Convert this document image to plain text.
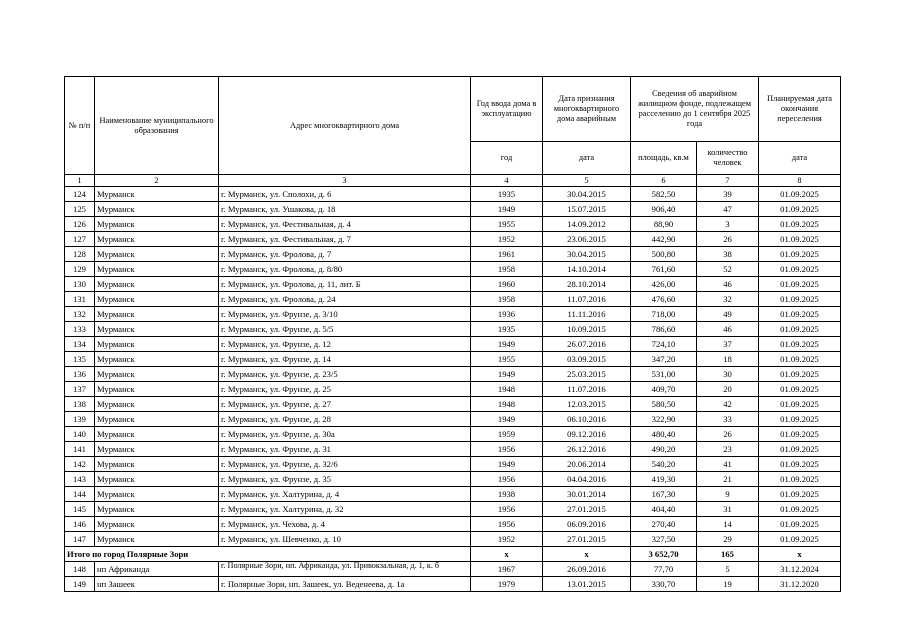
№ п/п	Наименование муниципального образования	Адрес многоквартирного дома	Год ввода дома в эксплуатацию	Дата признания многоквартирного дома аварийным	Сведения об аварийном жилищном фонде, подлежащем расселению до 1 сентября 2025 года		Планируемая дата окончания переселения
			год	дата	площадь, кв.м	количество человек	дата
1	2	3	4	5	6	7	8
124	Мурманск	г. Мурманск, ул. Сполохи, д. 6	1935	30.04.2015	582,50	39	01.09.2025
125	Мурманск	г. Мурманск, ул. Ушакова, д. 18	1949	15.07.2015	906,40	47	01.09.2025
126	Мурманск	г. Мурманск, ул. Фестивальная, д. 4	1955	14.09.2012	88,90	3	01.09.2025
127	Мурманск	г. Мурманск, ул. Фестивальная, д. 7	1952	23.06.2015	442,90	26	01.09.2025
128	Мурманск	г. Мурманск, ул. Фролова, д. 7	1961	30.04.2015	500,80	38	01.09.2025
129	Мурманск	г. Мурманск, ул. Фролова, д. 8/80	1958	14.10.2014	761,60	52	01.09.2025
130	Мурманск	г. Мурманск, ул. Фролова, д. 11, лит. Б	1960	28.10.2014	426,00	46	01.09.2025
131	Мурманск	г. Мурманск, ул. Фролова, д. 24	1958	11.07.2016	476,60	32	01.09.2025
132	Мурманск	г. Мурманск, ул. Фрунзе, д. 3/10	1936	11.11.2016	718,00	49	01.09.2025
133	Мурманск	г. Мурманск, ул. Фрунзе, д. 5/5	1935	10.09.2015	786,60	46	01.09.2025
134	Мурманск	г. Мурманск, ул. Фрунзе, д. 12	1949	26.07.2016	724,10	37	01.09.2025
135	Мурманск	г. Мурманск, ул. Фрунзе, д. 14	1955	03.09.2015	347,20	18	01.09.2025
136	Мурманск	г. Мурманск, ул. Фрунзе, д. 23/5	1949	25.03.2015	531,00	30	01.09.2025
137	Мурманск	г. Мурманск, ул. Фрунзе, д. 25	1948	11.07.2016	409,70	20	01.09.2025
138	Мурманск	г. Мурманск, ул. Фрунзе, д. 27	1948	12.03.2015	580,50	42	01.09.2025
139	Мурманск	г. Мурманск, ул. Фрунзе, д. 28	1949	06.10.2016	322,90	33	01.09.2025
140	Мурманск	г. Мурманск, ул. Фрунзе, д. 30а	1959	09.12.2016	480,40	26	01.09.2025
141	Мурманск	г. Мурманск, ул. Фрунзе, д. 31	1956	26.12.2016	490,20	23	01.09.2025
142	Мурманск	г. Мурманск, ул. Фрунзе, д. 32/6	1949	20.06.2014	540,20	41	01.09.2025
143	Мурманск	г. Мурманск, ул. Фрунзе, д. 35	1956	04.04.2016	419,30	21	01.09.2025
144	Мурманск	г. Мурманск, ул. Халтурина, д. 4	1938	30.01.2014	167,30	9	01.09.2025
145	Мурманск	г. Мурманск, ул. Халтурина, д. 32	1956	27.01.2015	404,40	31	01.09.2025
146	Мурманск	г. Мурманск, ул. Чехова, д. 4	1956	06.09.2016	270,40	14	01.09.2025
147	Мурманск	г. Мурманск, ул. Шевченко, д. 10	1952	27.01.2015	327,50	29	01.09.2025
Итого по город Полярные Зори			х	х	3 652,70	165	х
148	нп Африканда	г. Полярные Зори, нп. Африканда, ул. Привокзальная, д. 1, к. б	1967	26.09.2016	77,70	5	31.12.2024
149	нп Зашеек	г. Полярные Зори, нп. Зашеек, ул. Веденеева, д. 1а	1979	13.01.2015	330,70	19	31.12.2020
